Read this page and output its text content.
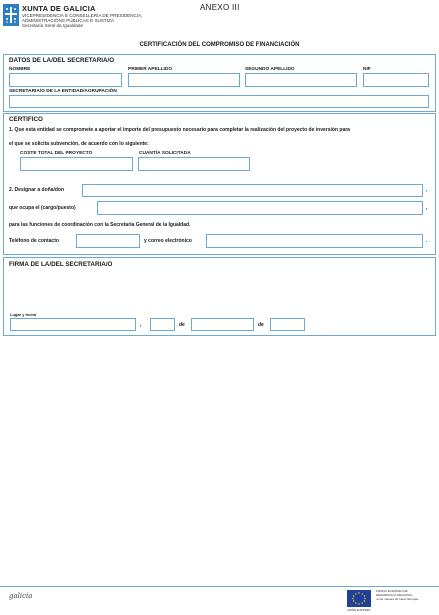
XUNTA DE GALICIA
VICEPRESIDENCIA E CONSELLERÍA DE PRESIDENCIA,
ADMINISTRACIÓNS PÚBLICAS E XUSTIZA
Secretaría Xeral da Igualdade
ANEXO III
CERTIFICACIÓN DEL COMPROMISO DE FINANCIACIÓN
DATOS DE LA/DEL SECRETARIA/O
NOMBRE	PRIMER APELLIDO	SEGUNDO APELLIDO	NIF
SECRETARIA/O DE LA ENTIDAD/AGRUPACIÓN
CERTIFICO
1. Que esta entidad se compromete a aportar el importe del presupuesto necesario para completar la realización del proyecto de inversión para
el que se solicita subvención, de acuerdo con lo siguiente:
COSTE TOTAL DEL PROYECTO	CUANTÍA SOLICITADA
2. Designar a doña/don	,
que ocupa el (cargo/puesto)	,
para las funciones de coordinación con la Secretaría General de la Igualdad.
Teléfono de contacto	y correo electrónico	.
FIRMA DE LA/DEL SECRETARIA/O
Lugar y fecha
,	de	de
galicia
FONDO EUROPEO DE
DESARROLLO REGIONAL
«Una manera de hacer Europa»
UNIÓN EUROPEA
